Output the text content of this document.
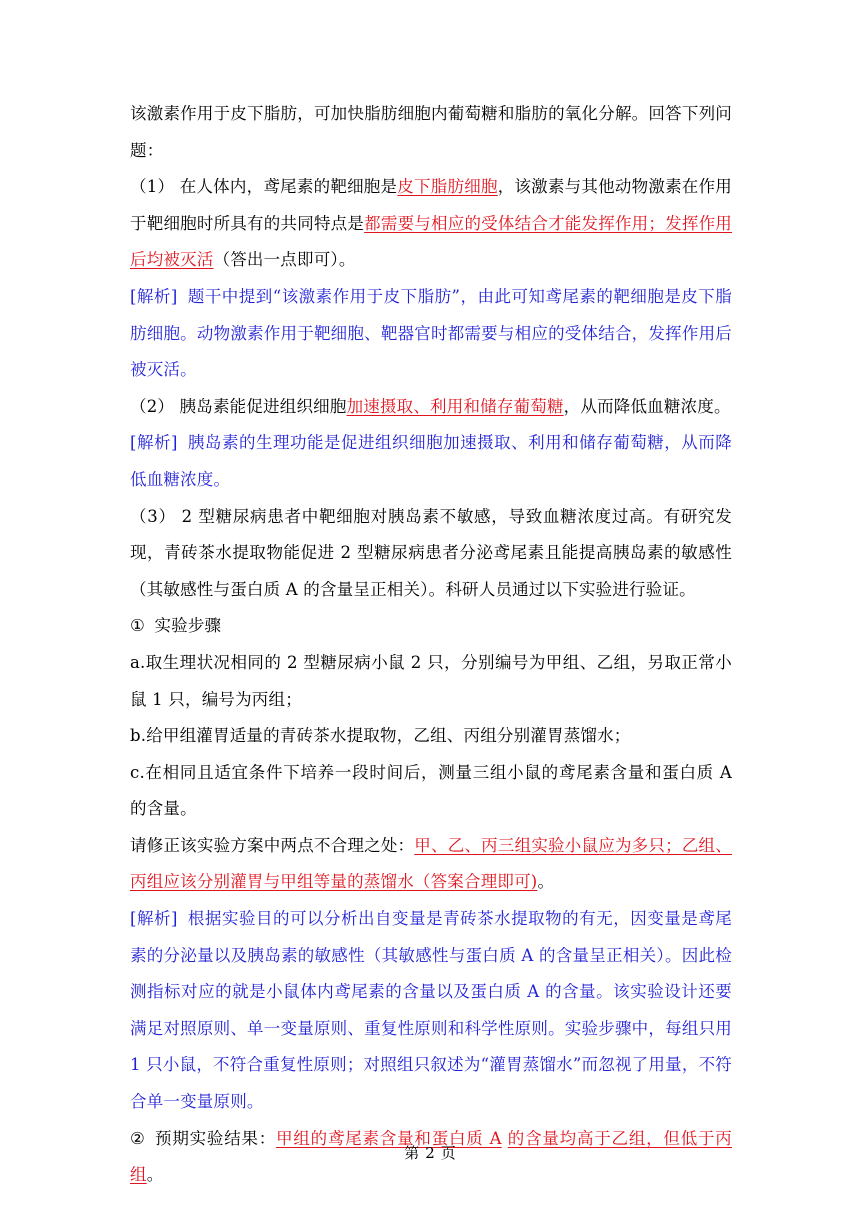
该激素作用于皮下脂肪，可加快脂肪细胞内葡萄糖和脂肪的氧化分解。回答下列问题：

（1） 在人体内，鸢尾素的靶细胞是皮下脂肪细胞，该激素与其他动物激素在作用于靶细胞时所具有的共同特点是都需要与相应的受体结合才能发挥作用；发挥作用后均被灭活（答出一点即可）。

[解析] 题干中提到“该激素作用于皮下脂肪”，由此可知鸢尾素的靶细胞是皮下脂肪细胞。动物激素作用于靶细胞、靶器官时都需要与相应的受体结合，发挥作用后被灭活。

（2） 胰岛素能促进组织细胞加速摄取、利用和储存葡萄糖，从而降低血糖浓度。

[解析] 胰岛素的生理功能是促进组织细胞加速摄取、利用和储存葡萄糖，从而降低血糖浓度。

（3） 2 型糖尿病患者中靶细胞对胰岛素不敏感，导致血糖浓度过高。有研究发现，青砖茶水提取物能促进 2 型糖尿病患者分泌鸢尾素且能提高胰岛素的敏感性（其敏感性与蛋白质 A 的含量呈正相关）。科研人员通过以下实验进行验证。

① 实验步骤

a.取生理状况相同的 2 型糖尿病小鼠 2 只，分别编号为甲组、乙组，另取正常小鼠 1 只，编号为丙组；

b.给甲组灌胃适量的青砖茶水提取物，乙组、丙组分别灌胃蒸馏水；

c.在相同且适宜条件下培养一段时间后，测量三组小鼠的鸢尾素含量和蛋白质 A 的含量。

请修正该实验方案中两点不合理之处：甲、乙、丙三组实验小鼠应为多只；乙组、丙组应该分别灌胃与甲组等量的蒸馏水（答案合理即可)。

[解析] 根据实验目的可以分析出自变量是青砖茶水提取物的有无，因变量是鸢尾素的分泌量以及胰岛素的敏感性（其敏感性与蛋白质 A 的含量呈正相关）。因此检测指标对应的就是小鼠体内鸢尾素的含量以及蛋白质 A 的含量。该实验设计还要满足对照原则、单一变量原则、重复性原则和科学性原则。实验步骤中，每组只用 1 只小鼠，不符合重复性原则；对照组只叙述为“灌胃蒸馏水”而忽视了用量，不符合单一变量原则。

② 预期实验结果：甲组的鸢尾素含量和蛋白质 A 的含量均高于乙组，但低于丙组。

第 2 页
